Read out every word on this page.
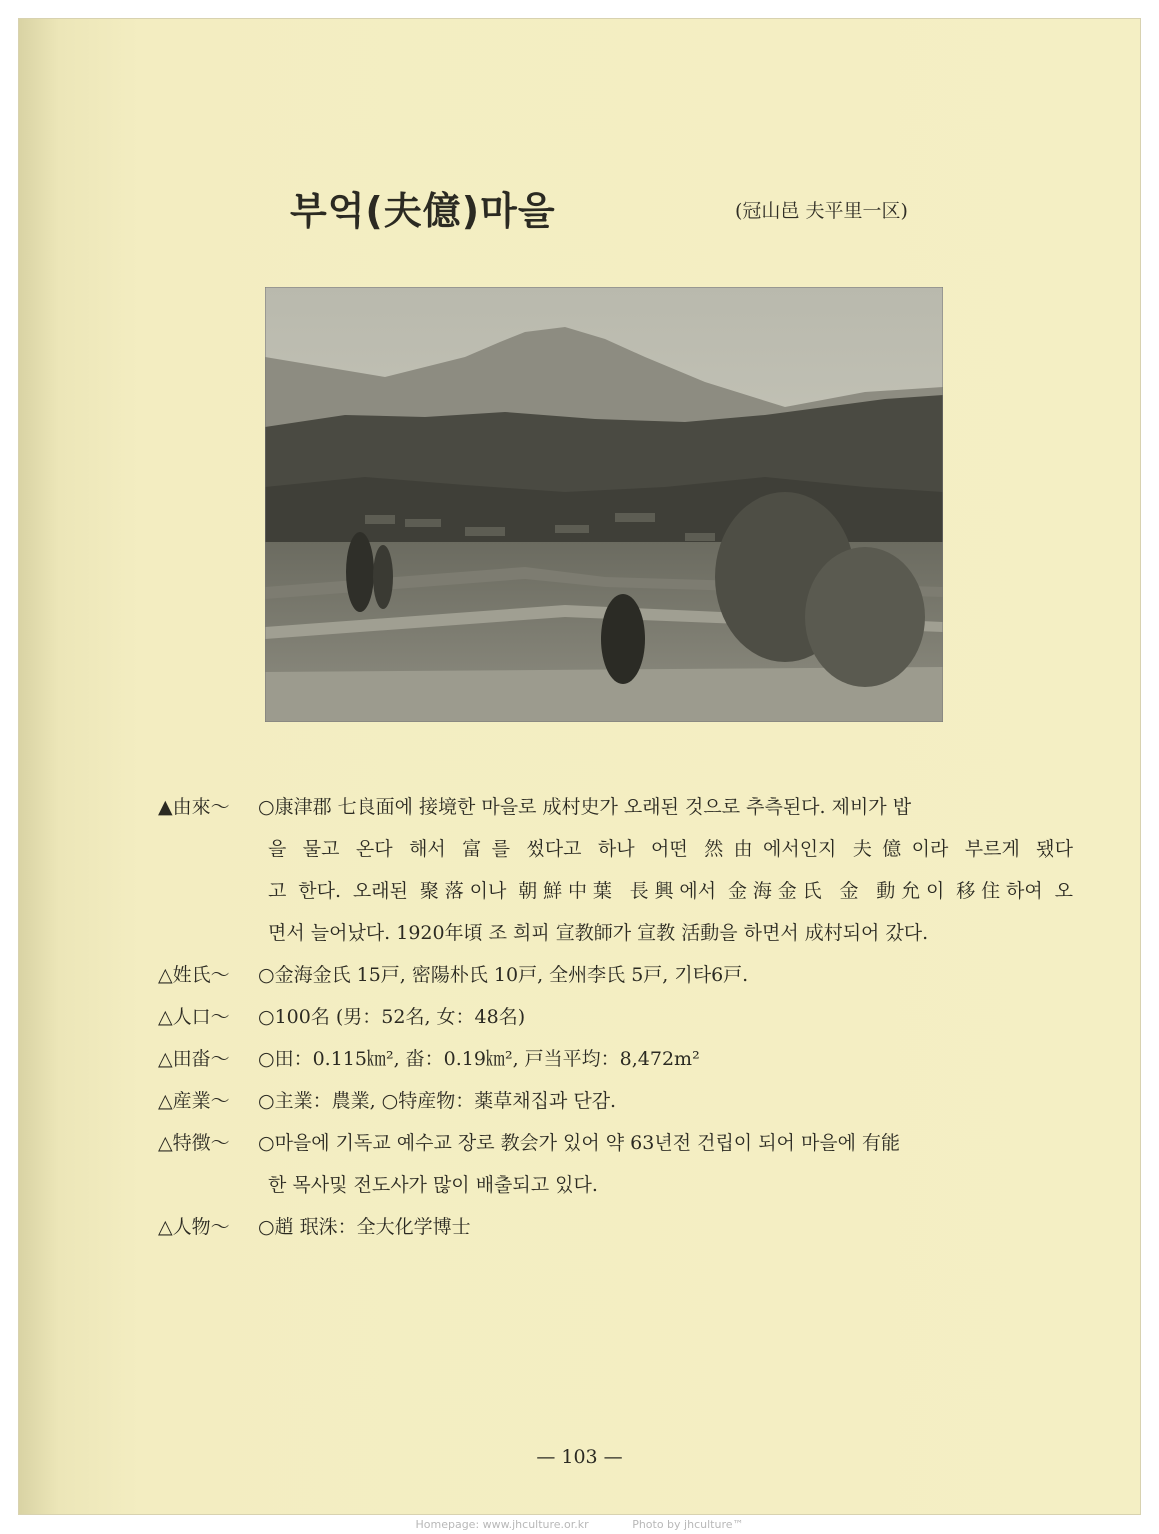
부억(夫億)마을	(冠山邑 夫平里一区)
▲由來～ ○康津郡 七良面에 接境한 마을로 成村史가 오래된 것으로 추측된다. 제비가 밥
을 물고 온다 해서 富를 썼다고 하나 어떤 然由에서인지 夫億이라 부르게 됐다
고 한다. 오래된 聚落이나 朝鮮中葉 長興에서 金海金氏 金 動允이 移住하여 오
면서 늘어났다. 1920年頃 조 희피 宣教師가 宣教 活動을 하면서 成村되어 갔다.
△姓氏～ ○金海金氏 15戸, 密陽朴氏 10戸, 全州李氏 5戸, 기타6戸.
△人口～ ○100名 (男：52名, 女：48名)
△田畓～ ○田：0.115㎞², 畓：0.19㎞², 戸当平均：8,472m²
△産業～ ○主業：農業, ○特産物：薬草채집과 단감.
△特徴～ ○마을에 기독교 예수교 장로 教会가 있어 약 63년전 건립이 되어 마을에 有能
한 목사및 전도사가 많이 배출되고 있다.
△人物～ ○趙 珉洙：全大化学博士
— 103 —
Homepage: www.jhculture.or.kr	Photo by jhculture™
